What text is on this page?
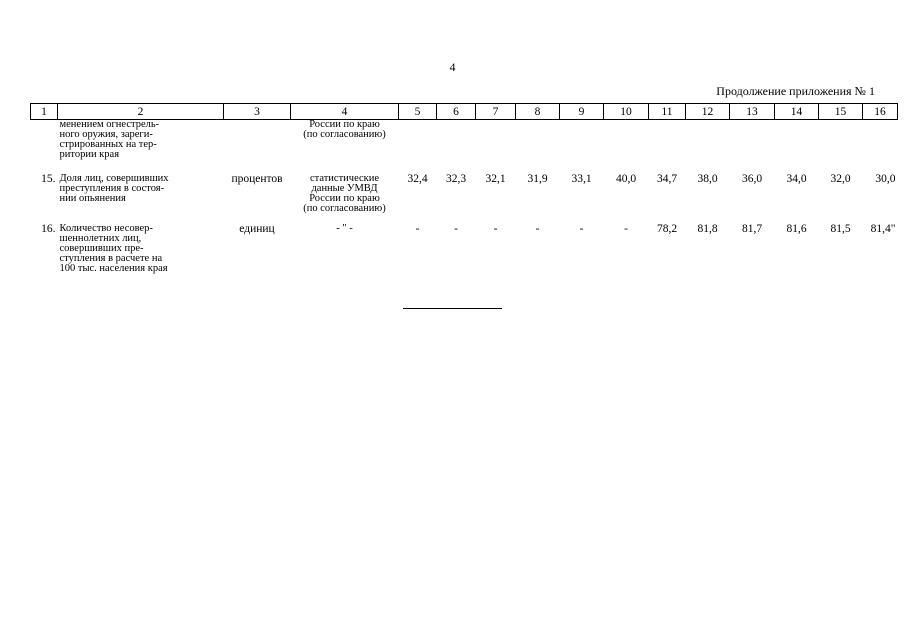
4
Продолжение приложения № 1
1	2	3	4	5	6	7	8	9	10	11	12	13	14	15	16
	менением огнестрель-
ного оружия, зареги-
стрированных на тер-
ритории края		России по краю
(по согласованию)												
15.	Доля лиц, совершивших
преступления в состоя-
нии опьянения	процентов	статистические
данные УМВД
России по краю
(по согласованию)	32,4	32,3	32,1	31,9	33,1	40,0	34,7	38,0	36,0	34,0	32,0	30,0
16.	Количество несовер-
шеннолетних лиц,
совершивших пре-
ступления в расчете на
100 тыс. населения края	единиц	- " -	-	-	-	-	-	-	78,2	81,8	81,7	81,6	81,5	81,4"
